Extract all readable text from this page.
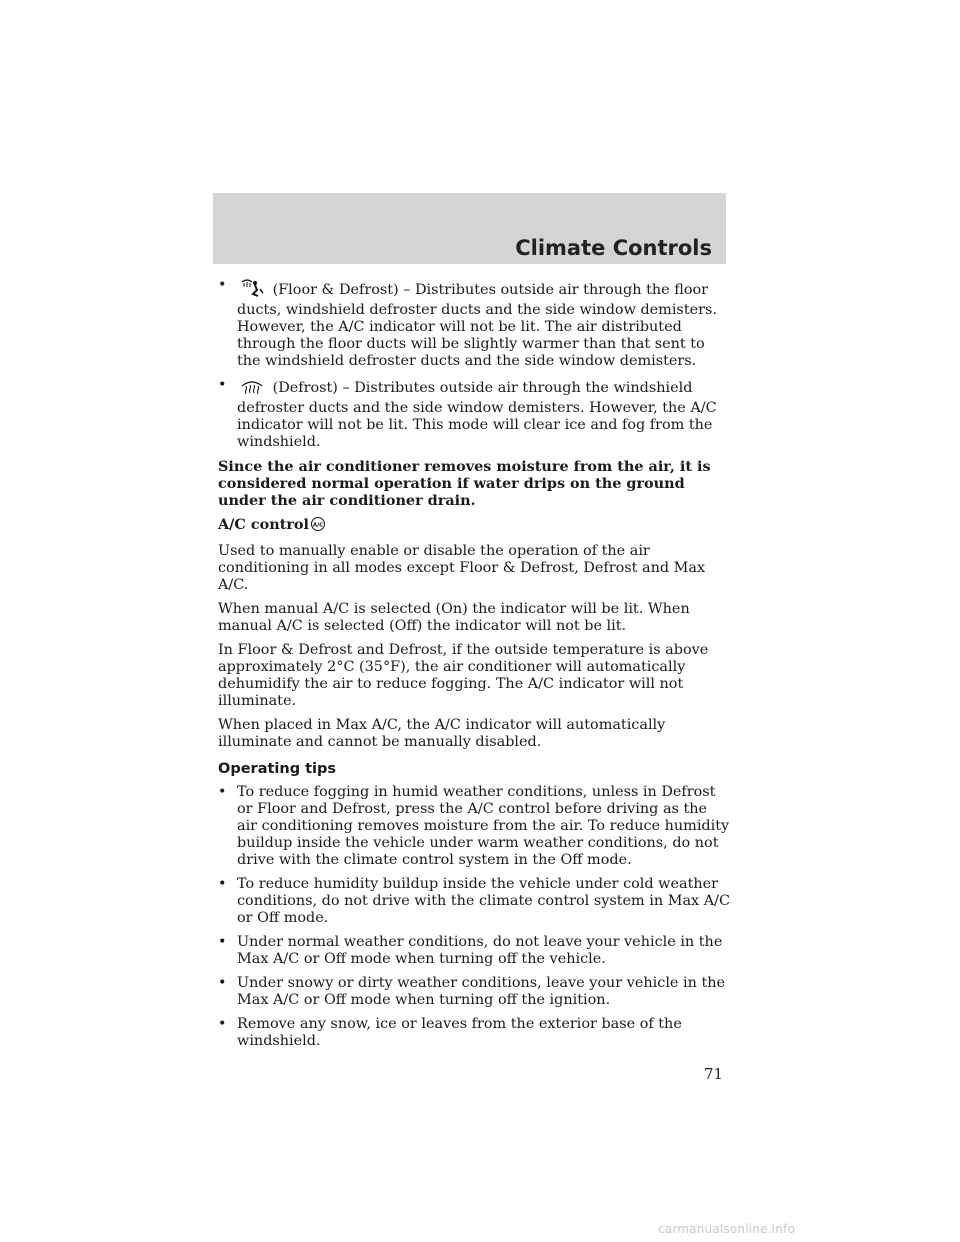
Climate Controls
•	(Floor & Defrost) – Distributes outside air through the floor ducts, windshield defroster ducts and the side window demisters. However, the A/C indicator will not be lit. The air distributed through the floor ducts will be slightly warmer than that sent to the windshield defroster ducts and the side window demisters.
•	(Defrost) – Distributes outside air through the windshield defroster ducts and the side window demisters. However, the A/C indicator will not be lit. This mode will clear ice and fog from the windshield.

Since the air conditioner removes moisture from the air, it is considered normal operation if water drips on the ground under the air conditioner drain.

A/C control A/C

Used to manually enable or disable the operation of the air conditioning in all modes except Floor & Defrost, Defrost and Max A/C.

When manual A/C is selected (On) the indicator will be lit. When manual A/C is selected (Off) the indicator will not be lit.

In Floor & Defrost and Defrost, if the outside temperature is above approximately 2°C (35°F), the air conditioner will automatically dehumidify the air to reduce fogging. The A/C indicator will not illuminate.

When placed in Max A/C, the A/C indicator will automatically illuminate and cannot be manually disabled.

Operating tips
• To reduce fogging in humid weather conditions, unless in Defrost or Floor and Defrost, press the A/C control before driving as the air conditioning removes moisture from the air. To reduce humidity buildup inside the vehicle under warm weather conditions, do not drive with the climate control system in the Off mode.
• To reduce humidity buildup inside the vehicle under cold weather conditions, do not drive with the climate control system in Max A/C or Off mode.
• Under normal weather conditions, do not leave your vehicle in the Max A/C or Off mode when turning off the vehicle.
• Under snowy or dirty weather conditions, leave your vehicle in the Max A/C or Off mode when turning off the ignition.
• Remove any snow, ice or leaves from the exterior base of the windshield.
71
carmanualsonline.info
